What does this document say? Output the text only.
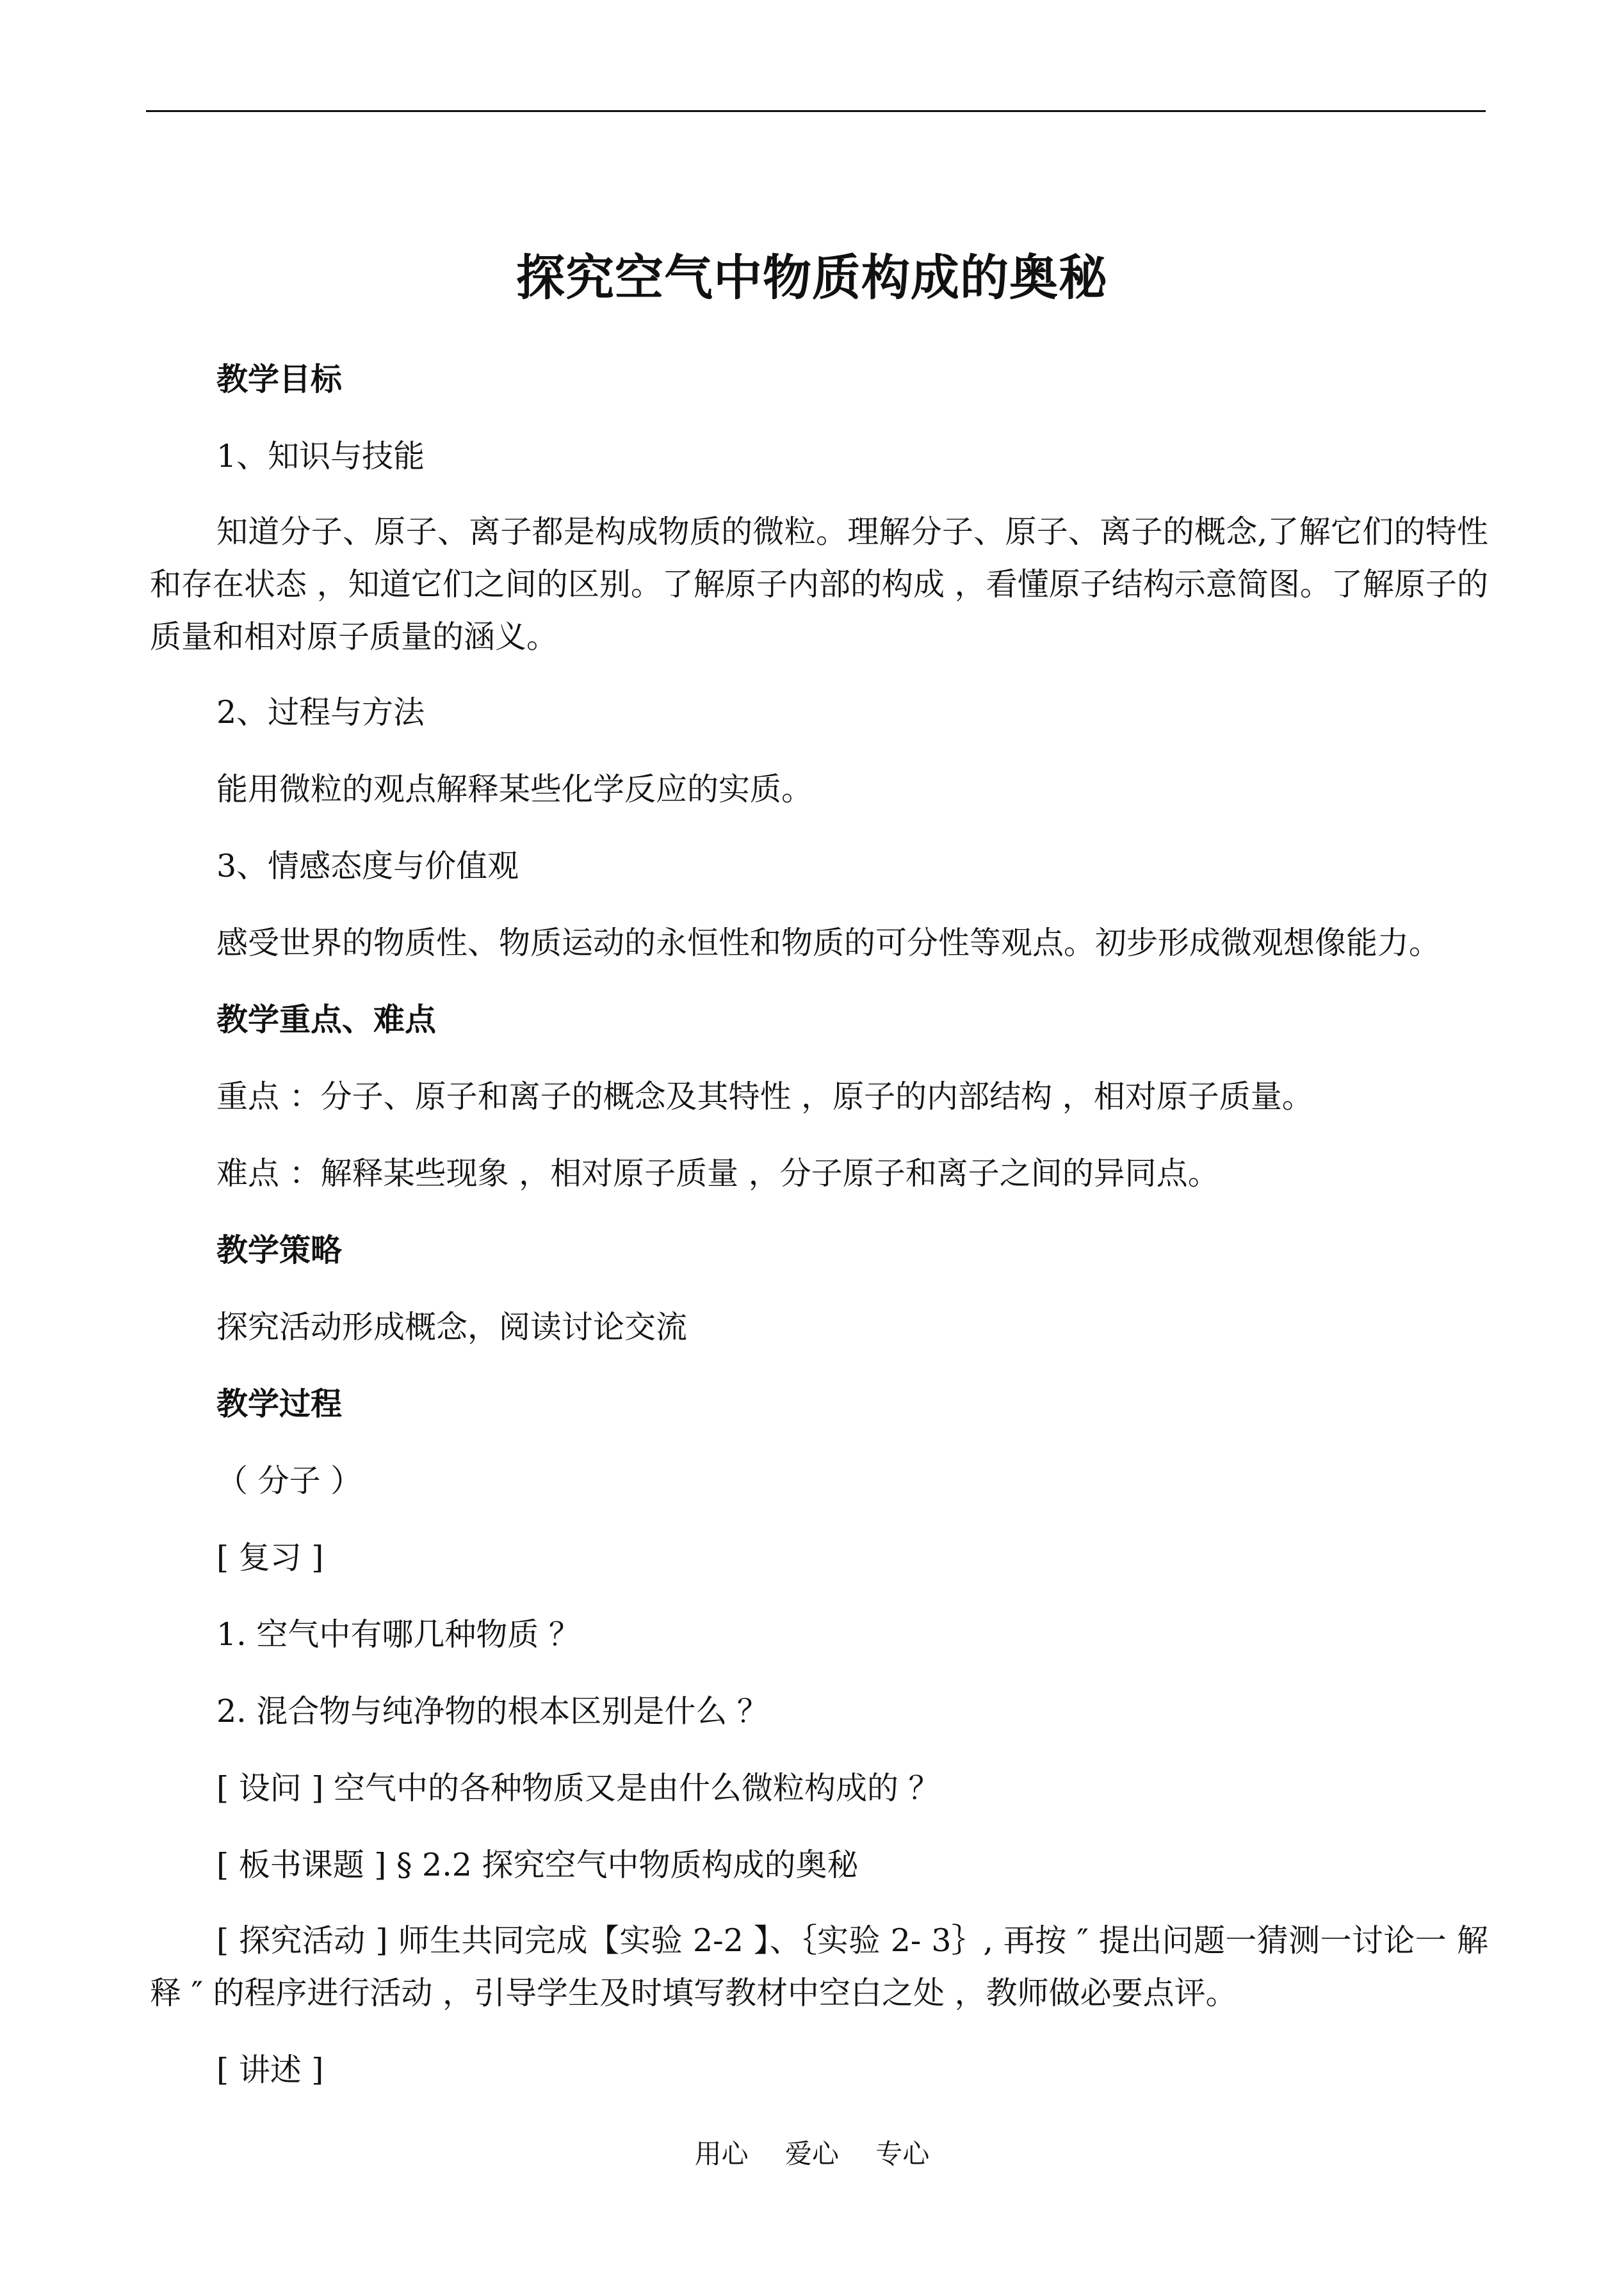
探究空气中物质构成的奥秘
教学目标
1、知识与技能
知道分子、原子、离子都是构成物质的微粒。理解分子、原子、离子的概念,了解它们的特性和存在状态 ，知道它们之间的区别。了解原子内部的构成 ，看懂原子结构示意简图。了解原子的质量和相对原子质量的涵义。
2、过程与方法
能用微粒的观点解释某些化学反应的实质。
3、情感态度与价值观
感受世界的物质性、物质运动的永恒性和物质的可分性等观点。初步形成微观想像能力。
教学重点、难点
重点 ：分子、原子和离子的概念及其特性 ，原子的内部结构 ，相对原子质量。
难点 ：解释某些现象 ，相对原子质量 ，分子原子和离子之间的异同点。
教学策略
探究活动形成概念，阅读讨论交流
教学过程
（ 分子 ）
[ 复习 ]
1. 空气中有哪几种物质 ？
2. 混合物与纯净物的根本区别是什么 ？
[ 设问 ] 空气中的各种物质又是由什么微粒构成的 ？
[ 板书课题 ] § 2.2 探究空气中物质构成的奥秘
[ 探究活动 ] 师生共同完成【实验 2-2 】、｛实验 2- 3｝, 再按 ″ 提出问题一猜测一讨论一 解释 ″ 的程序进行活动 ，引导学生及时填写教材中空白之处 ，教师做必要点评。
[ 讲述 ]
用心 爱心 专心
